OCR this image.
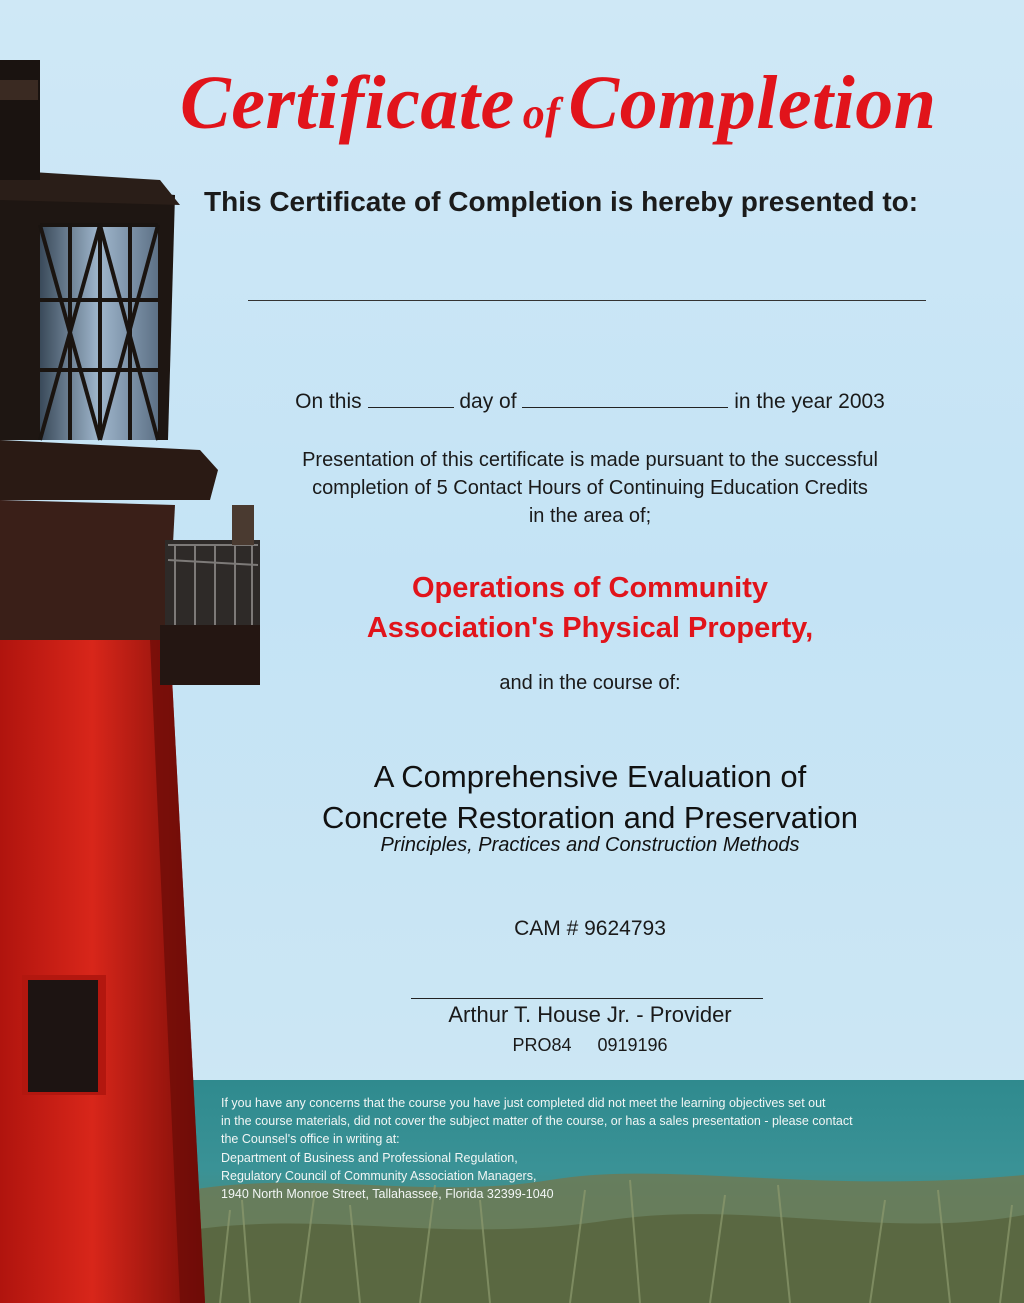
Certificate of Completion
This Certificate of Completion is hereby presented to:
On this	day of	in the year 2003
Presentation of this certificate is made pursuant to the successful
completion of 5 Contact Hours of Continuing Education Credits
in the area of;
Operations of Community
Association's Physical Property,
and in the course of:
A Comprehensive Evaluation of
Concrete Restoration and Preservation
Principles, Practices and Construction Methods
CAM # 9624793
Arthur T. House Jr. - Provider
PRO84 0919196
If you have any concerns that the course you have just completed did not meet the learning objectives set out
in the course materials, did not cover the subject matter of the course, or has a sales presentation - please contact
the Counsel's office in writing at:
Department of Business and Professional Regulation,
Regulatory Council of Community Association Managers,
1940 North Monroe Street, Tallahassee, Florida 32399-1040
